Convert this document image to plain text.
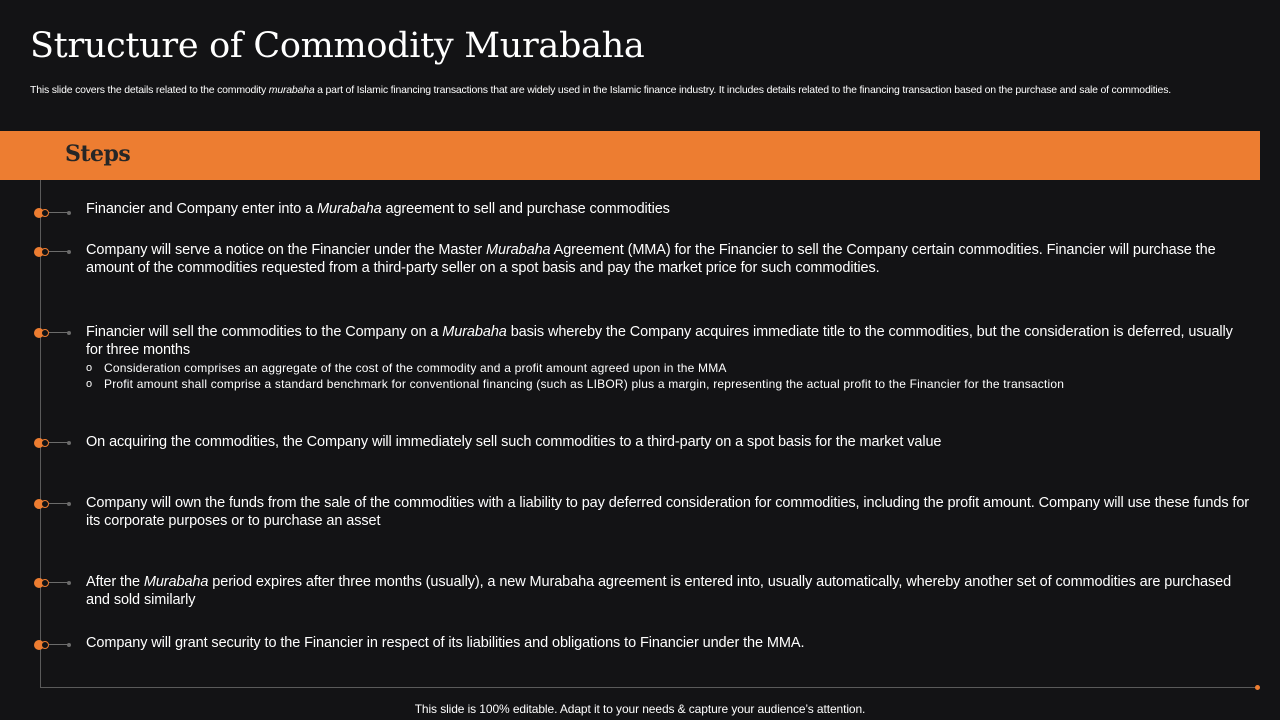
Structure of Commodity Murabaha

This slide covers the details related to the commodity murabaha a part of Islamic financing transactions that are widely used in the Islamic finance industry. It includes details related to the financing transaction based on the purchase and sale of commodities.

Steps

Financier and Company enter into a Murabaha agreement to sell and purchase commodities

Company will serve a notice on the Financier under the Master Murabaha Agreement (MMA) for the Financier to sell the Company certain commodities. Financier will purchase the amount of the commodities requested from a third-party seller on a spot basis and pay the market price for such commodities.

Financier will sell the commodities to the Company on a Murabaha basis whereby the Company acquires immediate title to the commodities, but the consideration is deferred, usually for three months
o Consideration comprises an aggregate of the cost of the commodity and a profit amount agreed upon in the MMA
o Profit amount shall comprise a standard benchmark for conventional financing (such as LIBOR) plus a margin, representing the actual profit to the Financier for the transaction

On acquiring the commodities, the Company will immediately sell such commodities to a third-party on a spot basis for the market value

Company will own the funds from the sale of the commodities with a liability to pay deferred consideration for commodities, including the profit amount. Company will use these funds for its corporate purposes or to purchase an asset

After the Murabaha period expires after three months (usually), a new Murabaha agreement is entered into, usually automatically, whereby another set of commodities are purchased and sold similarly

Company will grant security to the Financier in respect of its liabilities and obligations to Financier under the MMA.

This slide is 100% editable. Adapt it to your needs & capture your audience’s attention.
